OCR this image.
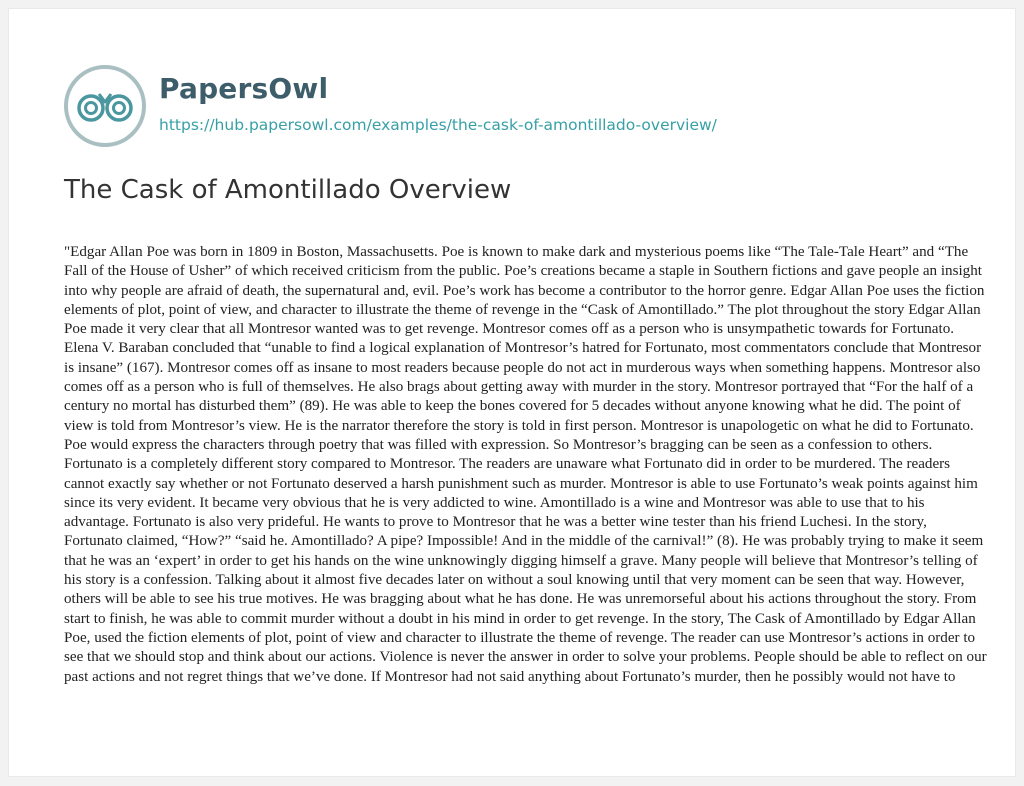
PapersOwl
https://hub.papersowl.com/examples/the-cask-of-amontillado-overview/
The Cask of Amontillado Overview

"Edgar Allan Poe was born in 1809 in Boston, Massachusetts. Poe is known to make dark and mysterious poems like “The Tale-Tale Heart” and “The Fall of the House of Usher” of which received criticism from the public. Poe’s creations became a staple in Southern fictions and gave people an insight into why people are afraid of death, the supernatural and, evil. Poe’s work has become a contributor to the horror genre. Edgar Allan Poe uses the fiction elements of plot, point of view, and character to illustrate the theme of revenge in the “Cask of Amontillado.” The plot throughout the story Edgar Allan Poe made it very clear that all Montresor wanted was to get revenge. Montresor comes off as a person who is unsympathetic towards for Fortunato. Elena V. Baraban concluded that “unable to find a logical explanation of Montresor’s hatred for Fortunato, most commentators conclude that Montresor is insane” (167). Montresor comes off as insane to most readers because people do not act in murderous ways when something happens. Montresor also comes off as a person who is full of themselves. He also brags about getting away with murder in the story. Montresor portrayed that “For the half of a century no mortal has disturbed them” (89). He was able to keep the bones covered for 5 decades without anyone knowing what he did. The point of view is told from Montresor’s view. He is the narrator therefore the story is told in first person. Montresor is unapologetic on what he did to Fortunato. Poe would express the characters through poetry that was filled with expression. So Montresor’s bragging can be seen as a confession to others. Fortunato is a completely different story compared to Montresor. The readers are unaware what Fortunato did in order to be murdered. The readers cannot exactly say whether or not Fortunato deserved a harsh punishment such as murder. Montresor is able to use Fortunato’s weak points against him since its very evident. It became very obvious that he is very addicted to wine. Amontillado is a wine and Montresor was able to use that to his advantage. Fortunato is also very prideful. He wants to prove to Montresor that he was a better wine tester than his friend Luchesi. In the story, Fortunato claimed, “How?” “said he. Amontillado? A pipe? Impossible! And in the middle of the carnival!” (8). He was probably trying to make it seem that he was an ‘expert’ in order to get his hands on the wine unknowingly digging himself a grave. Many people will believe that Montresor’s telling of his story is a confession. Talking about it almost five decades later on without a soul knowing until that very moment can be seen that way. However, others will be able to see his true motives. He was bragging about what he has done. He was unremorseful about his actions throughout the story. From start to finish, he was able to commit murder without a doubt in his mind in order to get revenge. In the story, The Cask of Amontillado by Edgar Allan Poe, used the fiction elements of plot, point of view and character to illustrate the theme of revenge. The reader can use Montresor’s actions in order to see that we should stop and think about our actions. Violence is never the answer in order to solve your problems. People should be able to reflect on our past actions and not regret things that we’ve done. If Montresor had not said anything about Fortunato’s murder, then he possibly would not have to
